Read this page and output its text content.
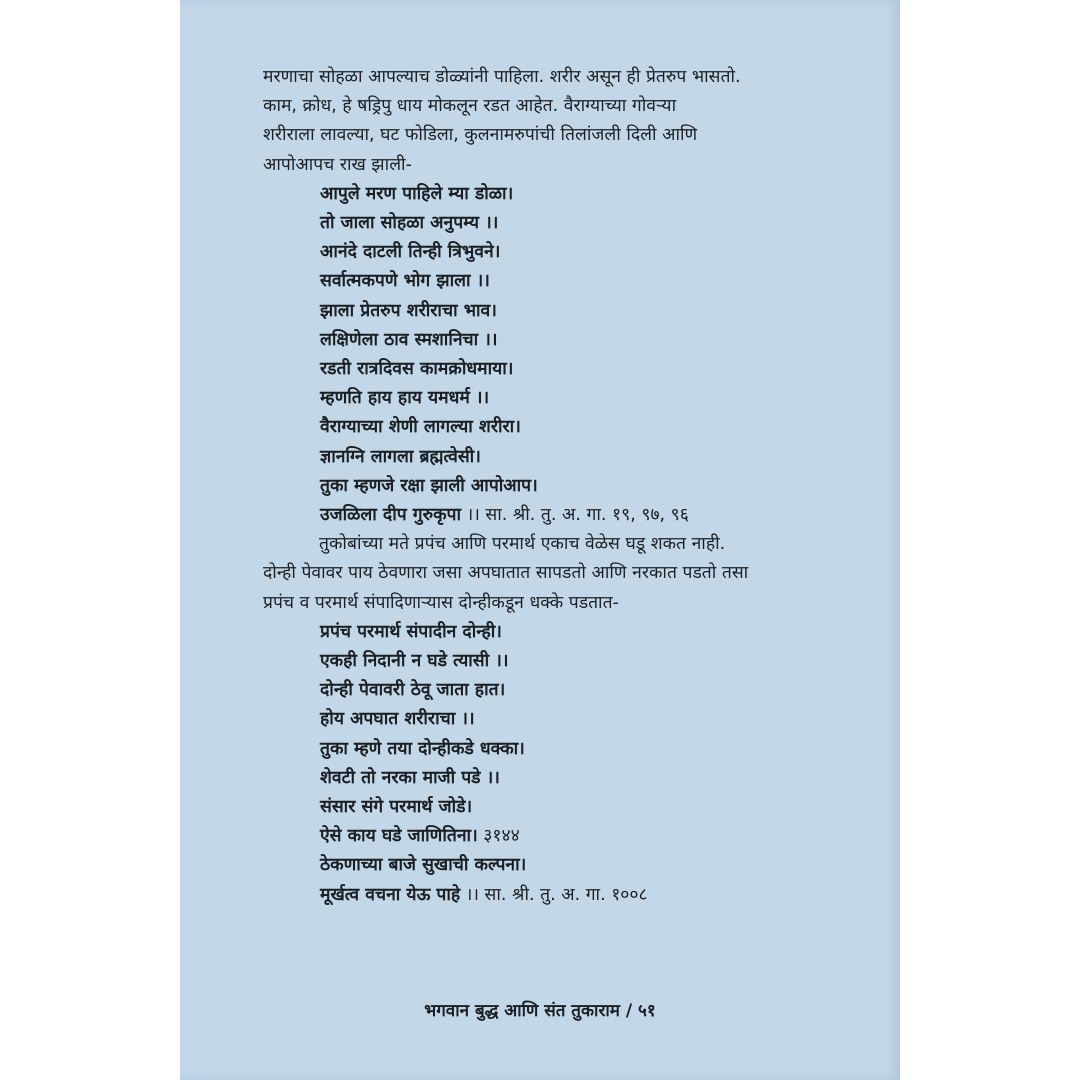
मरणाचा सोहळा आपल्याच डोळ्यांनी पाहिला. शरीर असून ही प्रेतरुप भासतो.
काम, क्रोध, हे षड्रिपु धाय मोकलून रडत आहेत. वैराग्याच्या गोवऱ्या
शरीराला लावल्या, घट फोडिला, कुलनामरुपांची तिलांजली दिली आणि
आपोआपच राख झाली-
आपुले मरण पाहिले म्या डोळा।
तो जाला सोहळा अनुपम्य ।।
आनंदे दाटली तिन्ही त्रिभुवने।
सर्वात्मकपणे भोग झाला ।।
झाला प्रेतरुप शरीराचा भाव।
लक्षिणेला ठाव स्मशानिचा ।।
रडती रात्रदिवस कामक्रोधमाया।
म्हणति हाय हाय यमधर्म ।।
वैराग्याच्या शेणी लागल्या शरीरा।
ज्ञानग्नि लागला ब्रह्मत्वेसी।
तुका म्हणजे रक्षा झाली आपोआप।
उजळिला दीप गुरुकृपा ।। सा. श्री. तु. अ. गा. १९, ९७, ९६
तुकोबांच्या मते प्रपंच आणि परमार्थ एकाच वेळेस घडू शकत नाही.
दोन्ही पेवावर पाय ठेवणारा जसा अपघातात सापडतो आणि नरकात पडतो तसा
प्रपंच व परमार्थ संपादिणाऱ्यास दोन्हीकडून धक्के पडतात-
प्रपंच परमार्थ संपादीन दोन्ही।
एकही निदानी न घडे त्यासी ।।
दोन्ही पेवावरी ठेवू जाता हात।
होय अपघात शरीराचा ।।
तुका म्हणे तया दोन्हीकडे धक्का।
शेवटी तो नरका माजी पडे ।।
संसार संगे परमार्थ जोडे।
ऐसे काय घडे जाणितिना। ३१४४
ठेकणाच्या बाजे सुखाची कल्पना।
मूर्खत्व वचना येऊ पाहे ।। सा. श्री. तु. अ. गा. १००८
भगवान बुद्ध आणि संत तुकाराम / ५१
